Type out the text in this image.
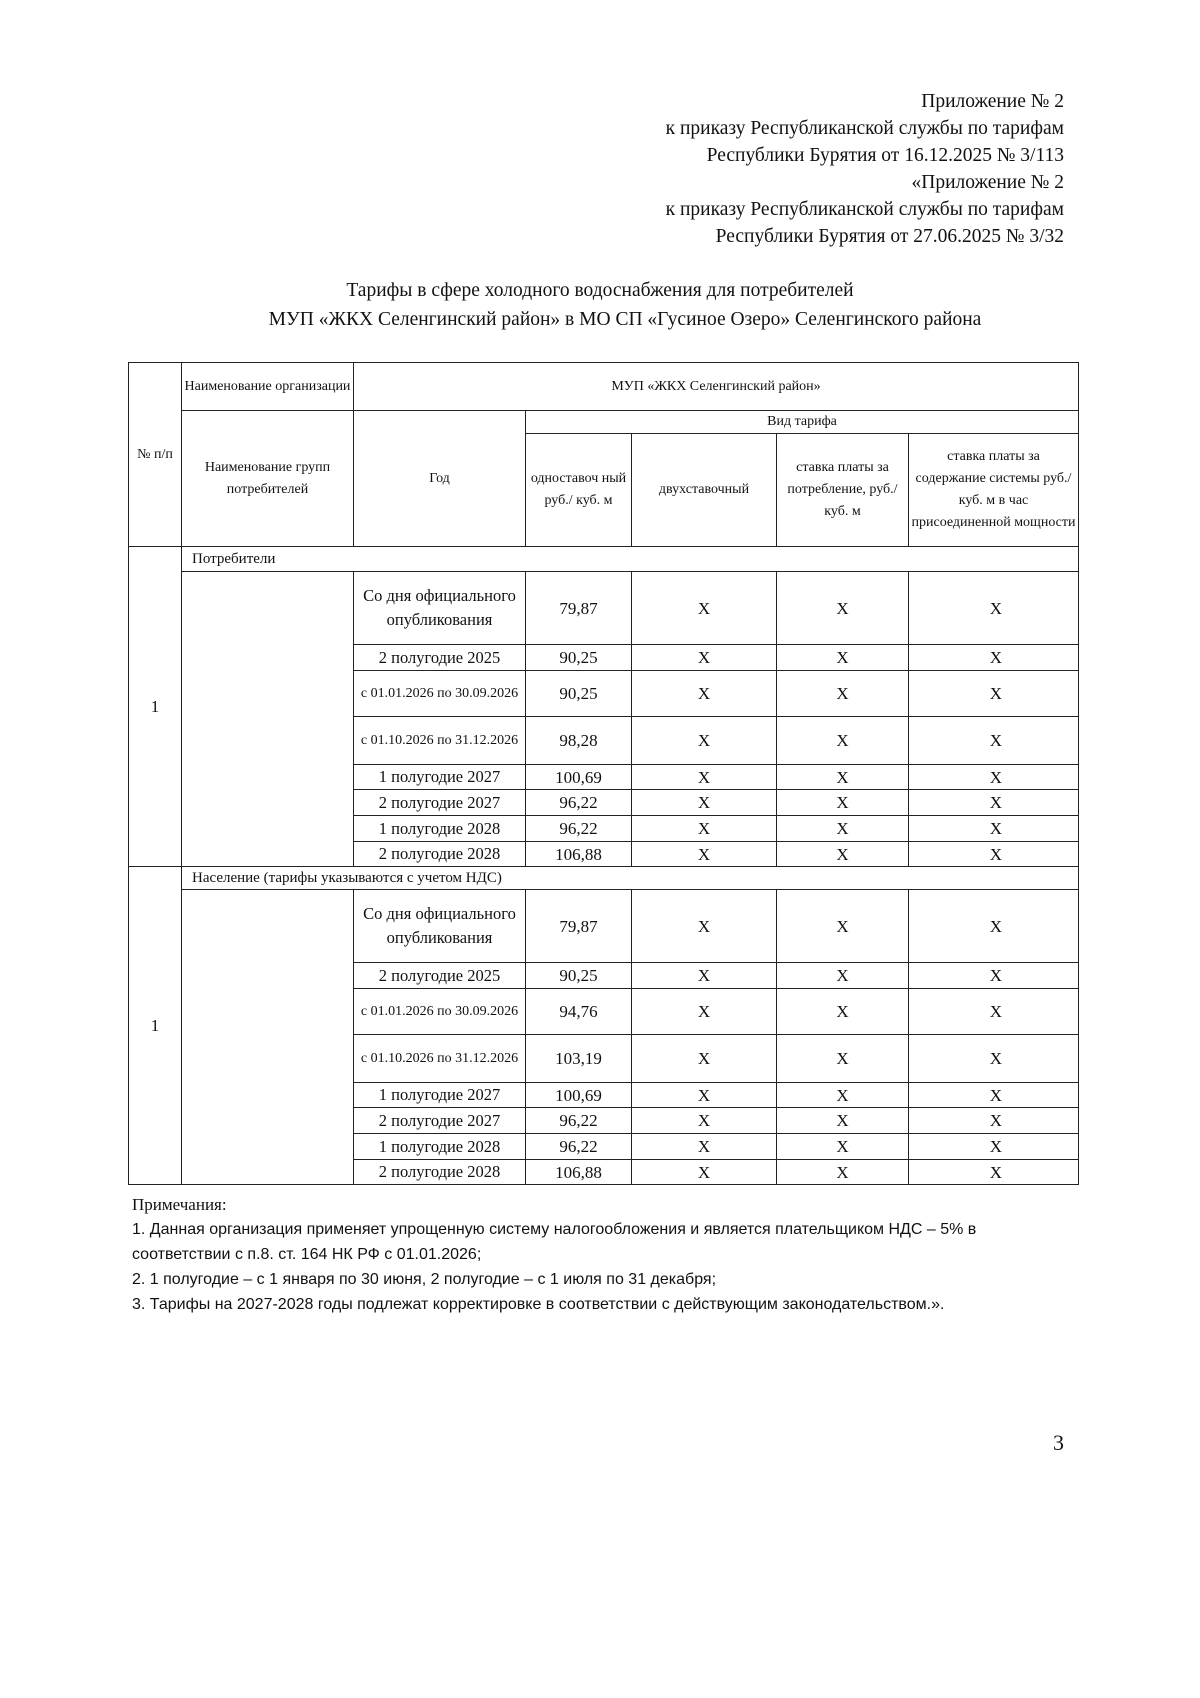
Приложение № 2
к приказу Республиканской службы по тарифам
Республики Бурятия от 16.12.2025 № 3/113
«Приложение № 2
к приказу Республиканской службы по тарифам
Республики Бурятия от 27.06.2025 № 3/32
Тарифы в сфере холодного водоснабжения для потребителей
МУП «ЖКХ Селенгинский район» в МО СП «Гусиное Озеро» Селенгинского района
№ п/п	Наименование организации	МУП «ЖКХ Селенгинский район»				
	Наименование групп потребителей	Год	Вид тарифа			
			одноставоч ный руб./ куб. м	двухставочный	ставка платы за потребление, руб./ куб. м	ставка платы за содержание системы руб./куб. м в час присоединенной мощности
1	Потребители					
		Со дня официального опубликования	79,87	X	X	X
		2 полугодие 2025	90,25	X	X	X
		с 01.01.2026 по 30.09.2026	90,25	X	X	X
		с 01.10.2026 по 31.12.2026	98,28	X	X	X
		1 полугодие 2027	100,69	X	X	X
		2 полугодие 2027	96,22	X	X	X
		1 полугодие 2028	96,22	X	X	X
		2 полугодие 2028	106,88	X	X	X
1	Население (тарифы указываются с учетом НДС)					
		Со дня официального опубликования	79,87	X	X	X
		2 полугодие 2025	90,25	X	X	X
		с 01.01.2026 по 30.09.2026	94,76	X	X	X
		с 01.10.2026 по 31.12.2026	103,19	X	X	X
		1 полугодие 2027	100,69	X	X	X
		2 полугодие 2027	96,22	X	X	X
		1 полугодие 2028	96,22	X	X	X
		2 полугодие 2028	106,88	X	X	X
Примечания:
1. Данная организация применяет упрощенную систему налогообложения и является плательщиком НДС – 5% в соответствии с п.8. ст. 164 НК РФ с 01.01.2026;
2. 1 полугодие – с 1 января по 30 июня, 2 полугодие – с 1 июля по 31 декабря;
3. Тарифы на 2027-2028 годы подлежат корректировке в соответствии с действующим законодательством.».
3
